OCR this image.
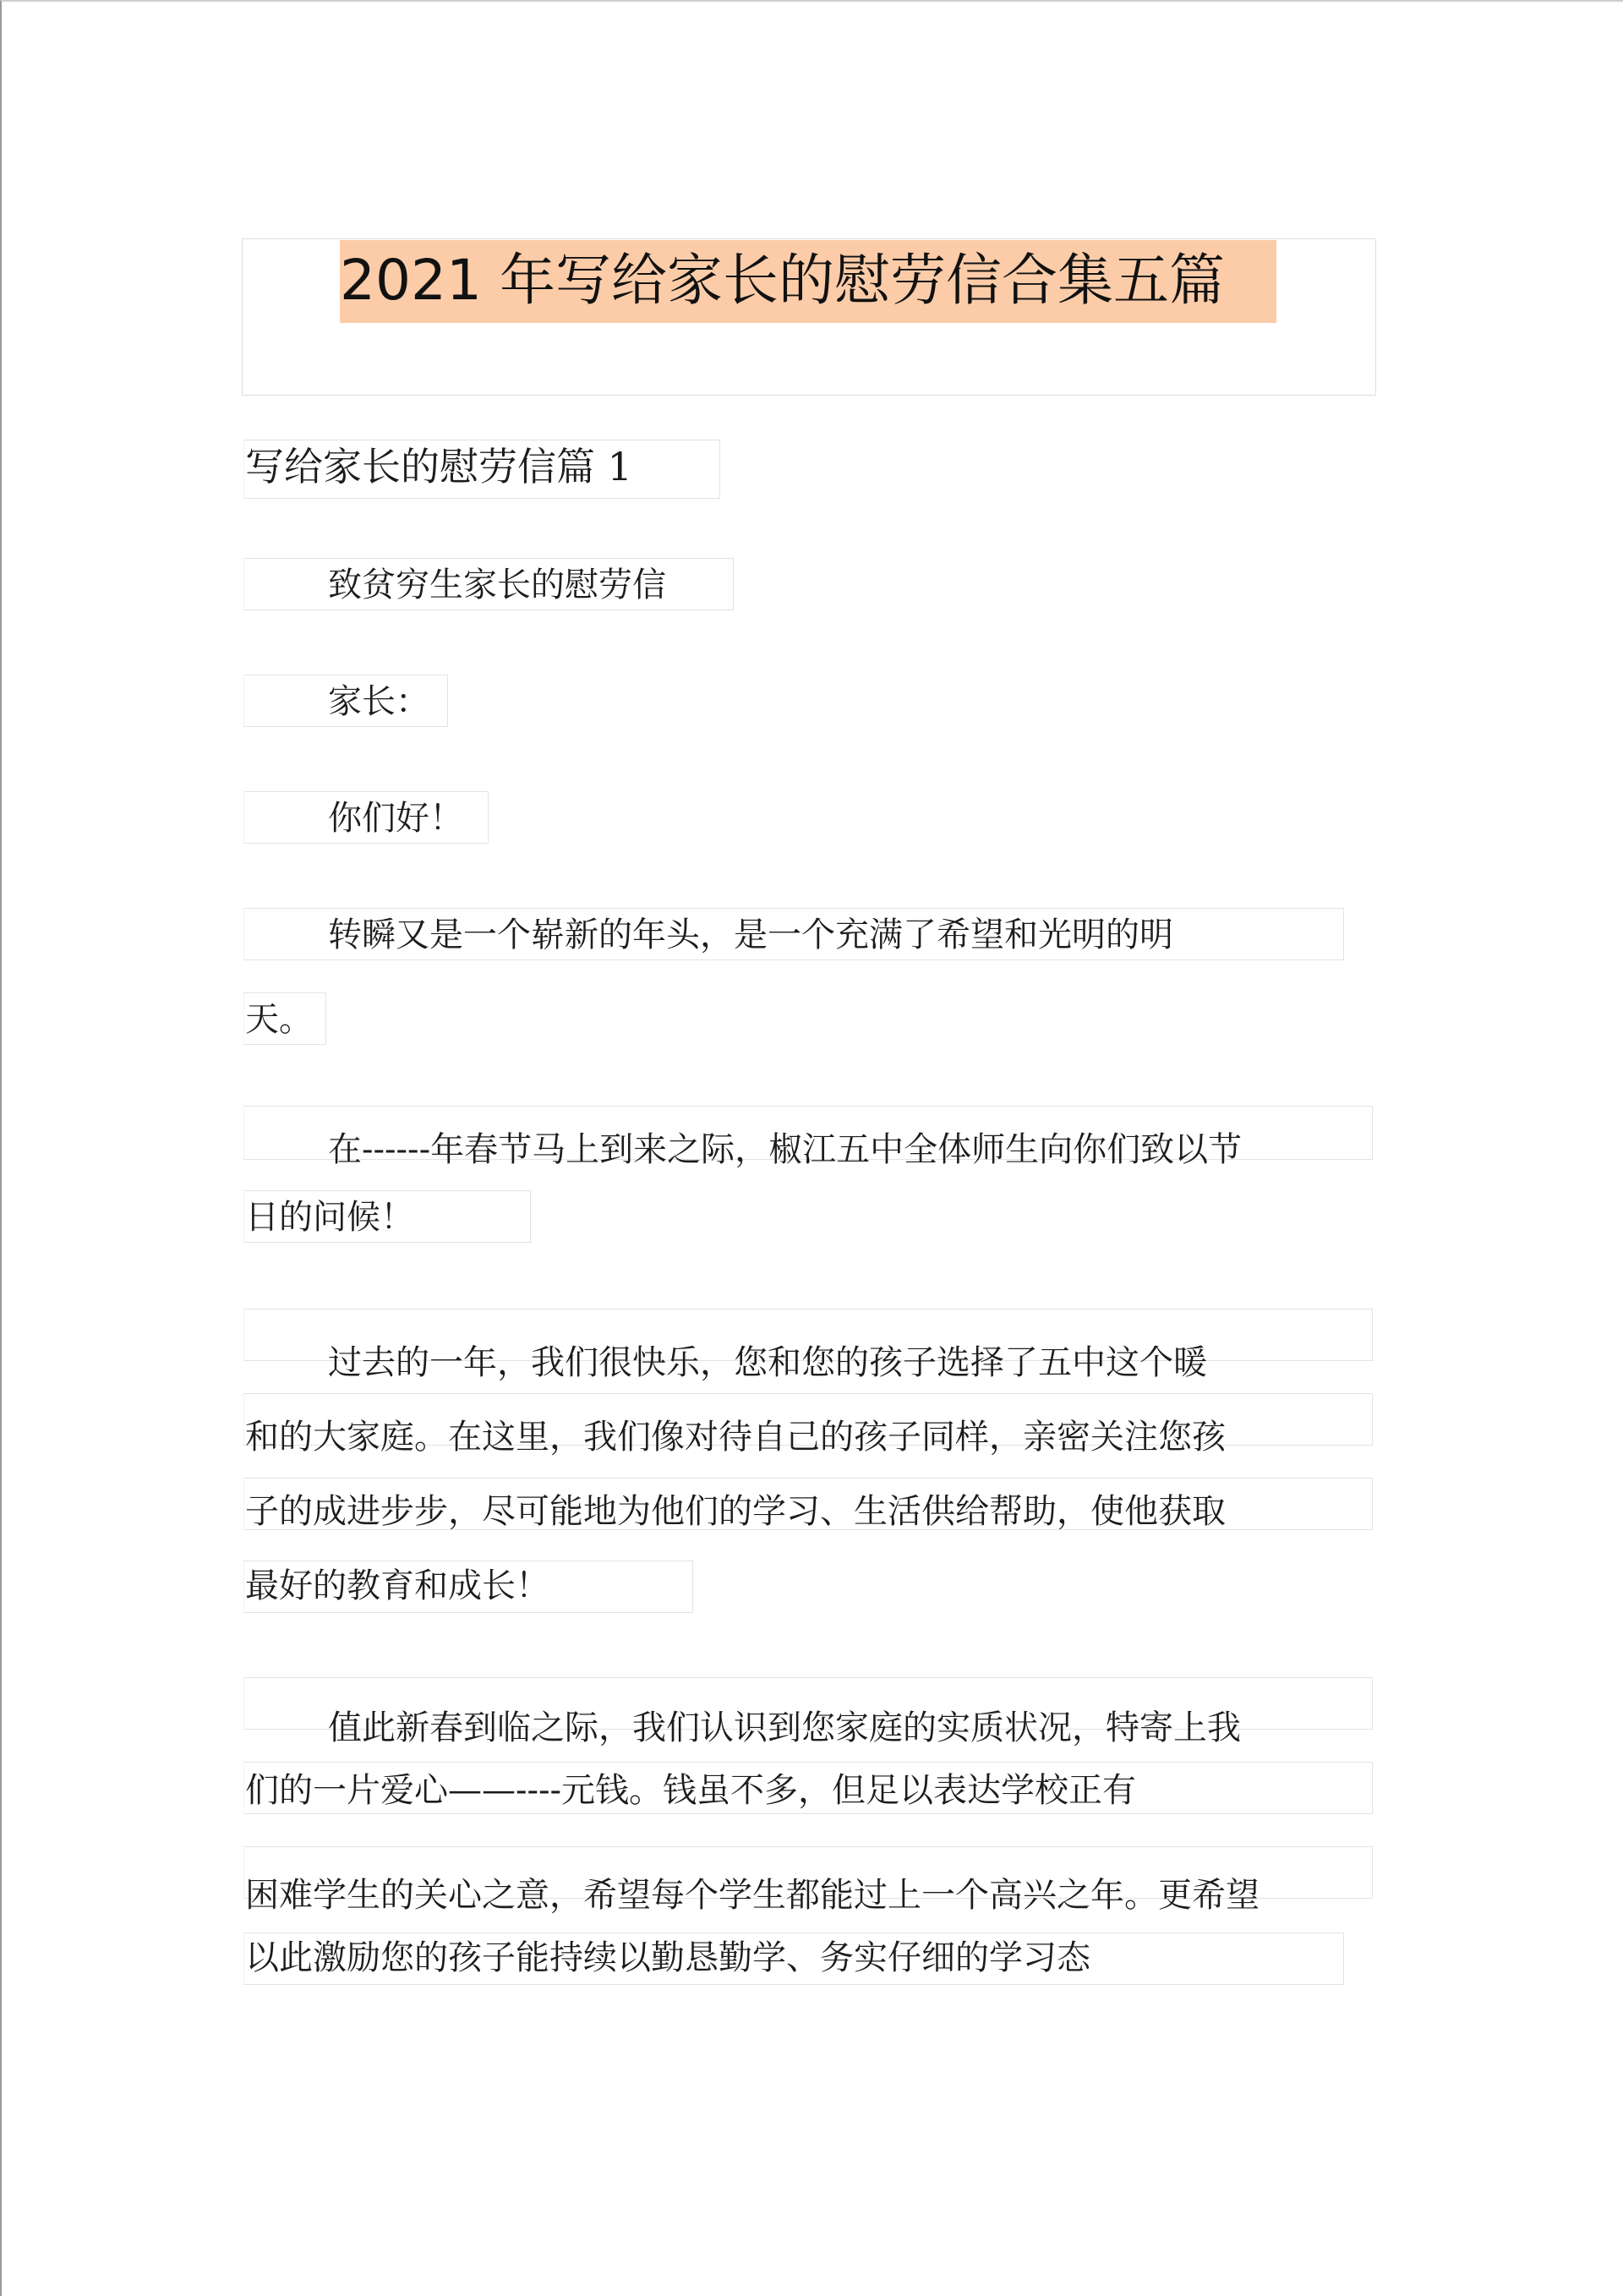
2021 年写给家长的慰劳信合集五篇
写给家长的慰劳信篇 1
致贫穷生家长的慰劳信
家长：
你们好！
转瞬又是一个崭新的年头，是一个充满了希望和光明的明
天。
在------年春节马上到来之际，椒江五中全体师生向你们致以节
日的问候！
过去的一年，我们很快乐，您和您的孩子选择了五中这个暖
和的大家庭。在这里，我们像对待自己的孩子同样，亲密关注您孩
子的成进步步，尽可能地为他们的学习、生活供给帮助，使他获取
最好的教育和成长！
值此新春到临之际，我们认识到您家庭的实质状况，特寄上我
们的一片爱心——----元钱。钱虽不多，但足以表达学校正有
困难学生的关心之意，希望每个学生都能过上一个高兴之年。更希望
以此激励您的孩子能持续以勤恳勤学、务实仔细的学习态
